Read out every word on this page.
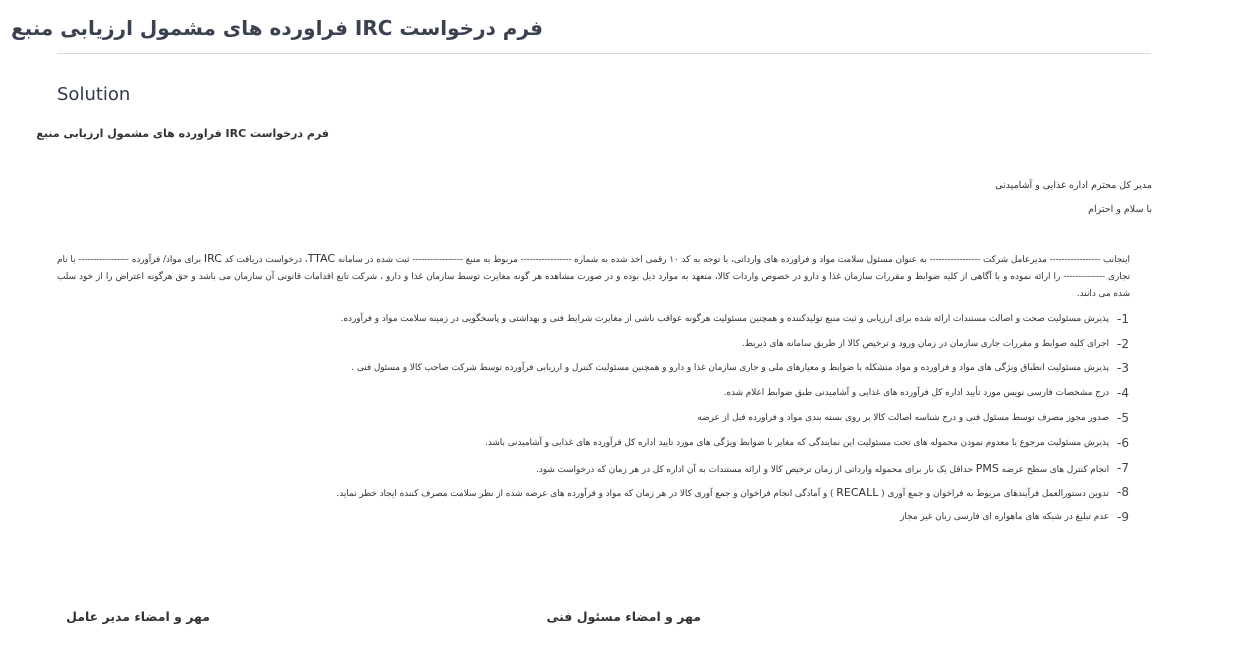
فرم درخواست IRC فراورده های مشمول ارزیابی منبع
Solution
فرم درخواست IRC فراورده های مشمول ارزیابی منبع
مدیر کل محترم اداره غذایی و آشامیدنی
با سلام و احترام
اینجانب ----------------- مدیرعامل شرکت ----------------- به عنوان مسئول سلامت مواد و فراورده های وارداتی، با توجه به کد ۱۰ رقمی اخذ شده به شماره ----------------- مربوط به منبع ----------------- ثبت شده در سامانه TTAC، درخواست دریافت کد IRC برای مواد/ فرآورده ----------------- با نام تجاری -------------- را ارائه نموده و با آگاهی از کلیه ضوابط و مقررات سازمان غذا و دارو در خصوص واردات کالا، متعهد به موارد ذیل بوده و در صورت مشاهده هر گونه مغایرت توسط سازمان غذا و دارو ، شرکت تابع اقدامات قانونی آن سازمان می باشد و حق هرگونه اعتراض را از خود سلب شده می دانند.
1-
پذیرش مسئولیت صحت و اصالت مستندات ارائه شده برای ارزیابی و ثبت منبع تولیدکننده و همچنین مسئولیت هرگونه عواقب ناشی از مغایرت شرایط فنی و بهداشتی و پاسخگویی در زمینه سلامت مواد و فرآورده.
2-
اجرای کلیه ضوابط و مقررات جاری سازمان در زمان ورود و ترخیص کالا از طریق سامانه های ذیربط.
3-
پذیرش مسئولیت انطباق ویژگی های مواد و فراورده و مواد متشکله با ضوابط و معیارهای ملی و جاری سازمان غذا و دارو و همچنین مسئولیت کنترل و ارزیابی فرآورده توسط شرکت صاحب کالا و مسئول فنی .
4-
درج مشخصات فارسی نویس مورد تأیید اداره کل فرآورده های غذایی و آشامیدنی طبق ضوابط اعلام شده.
5-
صدور مجوز مصرف توسط مسئول فنی و درج شناسه اصالت کالا بر روی بسته بندی مواد و فراورده قبل از عرضه
6-
پذیرش مسئولیت مرجوع یا معدوم نمودن محموله های تحت مسئولیت این نمایندگی که مغایر با ضوابط ویژگی های مورد تایید اداره کل فرآورده های غذایی و آشامیدنی باشد.
7-
انجام کنترل های سطح عرضه PMS حداقل یک بار برای محموله وارداتی از زمان ترخیص کالا و ارائه مستندات به آن اداره کل در هر زمان که درخواست شود.
8-
تدوین دستورالعمل فرآیندهای مربوط به فراخوان و جمع آوری ( RECALL ) و آمادگی انجام فراخوان و جمع آوری کالا در هر زمان که مواد و فرآورده های عرضه شده از نظر سلامت مصرف کننده ایجاد خطر نماید.
9-
عدم تبلیغ در شبکه های ماهواره ای فارسی زبان غیر مجاز
مهر و امضاء مسئول فنی
مهر و امضاء مدیر عامل
